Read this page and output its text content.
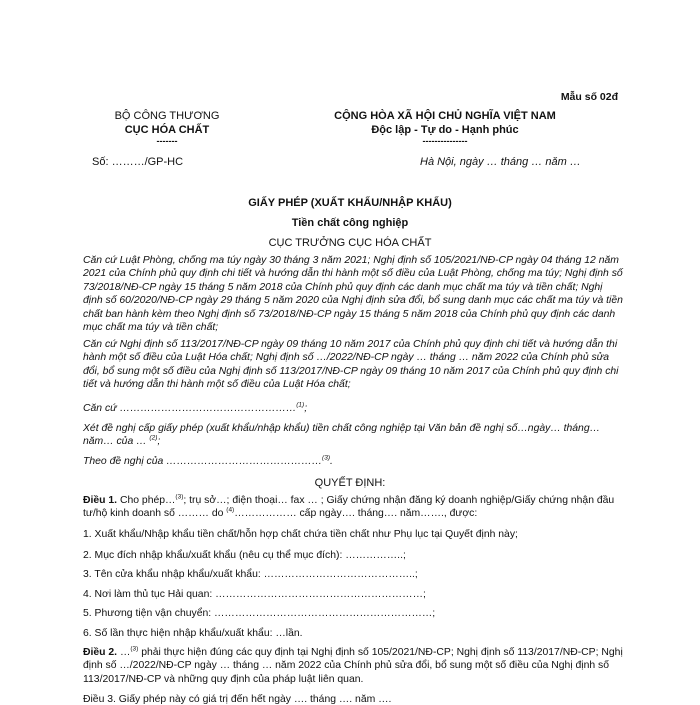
Mẫu số 02đ
BỘ CÔNG THƯƠNG
CỤC HÓA CHẤT
-------
CỘNG HÒA XÃ HỘI CHỦ NGHĨA VIỆT NAM
Độc lập - Tự do - Hạnh phúc
---------------
Số: ………/GP-HC	Hà Nội, ngày … tháng … năm …
GIẤY PHÉP (XUẤT KHẨU/NHẬP KHẨU)
Tiền chất công nghiệp
CỤC TRƯỞNG CỤC HÓA CHẤT
Căn cứ Luật Phòng, chống ma túy ngày 30 tháng 3 năm 2021; Nghị định số 105/2021/NĐ-CP ngày 04 tháng 12 năm 2021 của Chính phủ quy định chi tiết và hướng dẫn thi hành một số điều của Luật Phòng, chống ma túy; Nghị định số 73/2018/NĐ-CP ngày 15 tháng 5 năm 2018 của Chính phủ quy định các danh mục chất ma túy và tiền chất; Nghị định số 60/2020/NĐ-CP ngày 29 tháng 5 năm 2020 của Nghị định sửa đổi, bổ sung danh mục các chất ma túy và tiền chất ban hành kèm theo Nghị định số 73/2018/NĐ-CP ngày 15 tháng 5 năm 2018 của Chính phủ quy định các danh mục chất ma túy và tiền chất;
Căn cứ Nghị định số 113/2017/NĐ-CP ngày 09 tháng 10 năm 2017 của Chính phủ quy định chi tiết và hướng dẫn thi hành một số điều của Luật Hóa chất; Nghị định số …/2022/NĐ-CP ngày … tháng … năm 2022 của Chính phủ sửa đổi, bổ sung một số điều của Nghị định số 113/2017/NĐ-CP ngày 09 tháng 10 năm 2017 của Chính phủ quy định chi tiết và hướng dẫn thi hành một số điều của Luật Hóa chất;
Căn cứ ……………………………………………$^{(1)}$;
Xét đề nghị cấp giấy phép (xuất khẩu/nhập khẩu) tiền chất công nghiệp tại Văn bản đề nghị số…ngày… tháng… năm… của … $^{(2)}$;
Theo đề nghị của ………………………………………$^{(3)}$.
QUYẾT ĐỊNH:
Điều 1. Cho phép…$^{(3)}$; trụ sở…; điện thoại… fax … ; Giấy chứng nhận đăng ký doanh nghiệp/Giấy chứng nhận đầu tư/hộ kinh doanh số ……… do $^{(4)}$……………… cấp ngày…. tháng…. năm……., được:
1. Xuất khẩu/Nhập khẩu tiền chất/hỗn hợp chất chứa tiền chất như Phụ lục tại Quyết định này;
2. Mục đích nhập khẩu/xuất khẩu (nêu cụ thể mục đích): ……………..;
3. Tên cửa khẩu nhập khẩu/xuất khẩu: ……………………………………..;
4. Nơi làm thủ tục Hải quan: ……………………………………………………;
5. Phương tiện vận chuyển: ………………………………………………………;
6. Số lần thực hiện nhập khẩu/xuất khẩu: …lần.
Điều 2. …$^{(3)}$ phải thực hiện đúng các quy định tại Nghị định số 105/2021/NĐ-CP; Nghị định số 113/2017/NĐ-CP; Nghị định số …/2022/NĐ-CP ngày … tháng … năm 2022 của Chính phủ sửa đổi, bổ sung một số điều của Nghị định số 113/2017/NĐ-CP và những quy định của pháp luật liên quan.
Điều 3. Giấy phép này có giá trị đến hết ngày …. tháng …. năm ….
